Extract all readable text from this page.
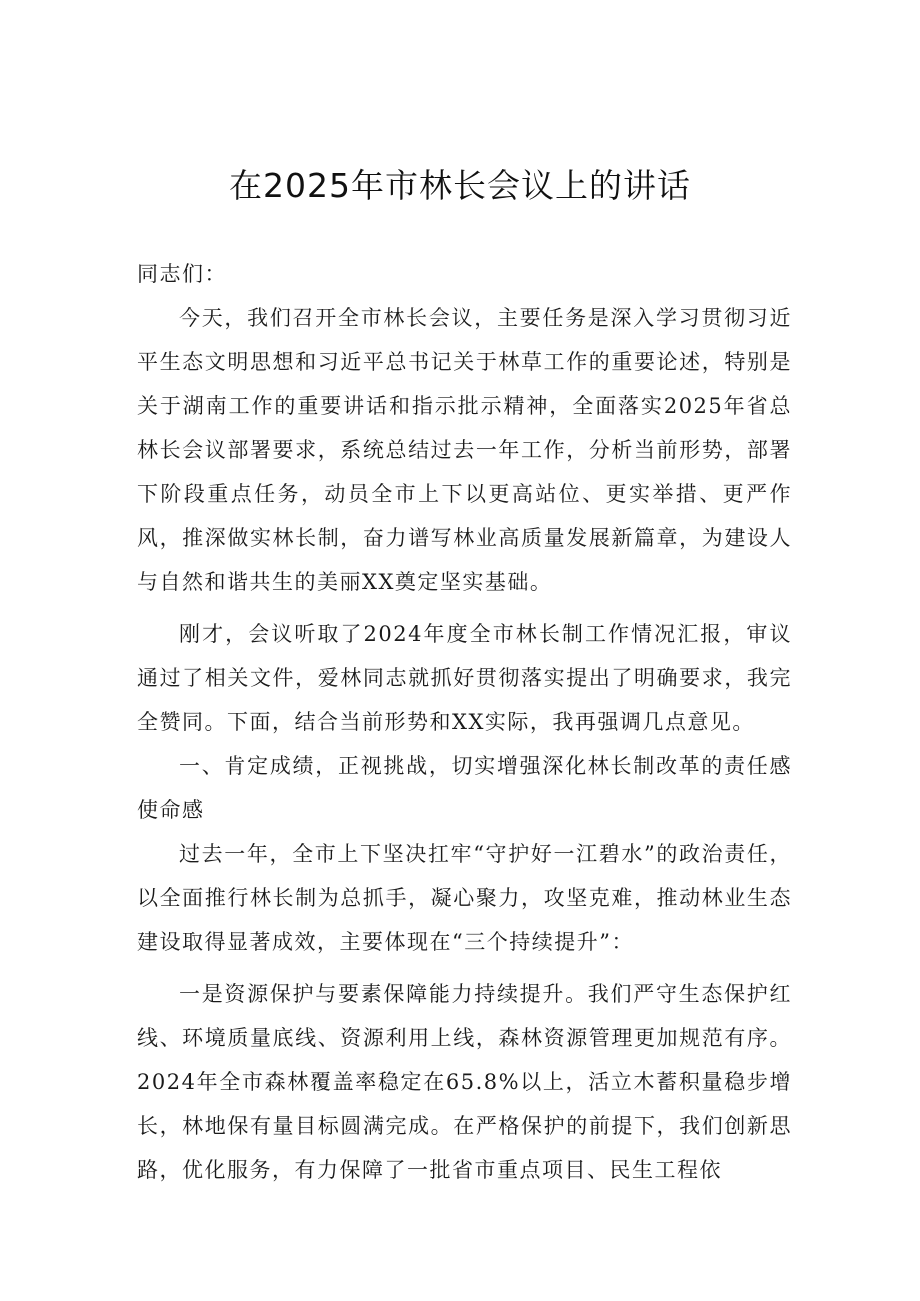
在2025年市林长会议上的讲话

同志们：

今天，我们召开全市林长会议，主要任务是深入学习贯彻习近平生态文明思想和习近平总书记关于林草工作的重要论述，特别是关于湖南工作的重要讲话和指示批示精神，全面落实2025年省总林长会议部署要求，系统总结过去一年工作，分析当前形势，部署下阶段重点任务，动员全市上下以更高站位、更实举措、更严作风，推深做实林长制，奋力谱写林业高质量发展新篇章，为建设人与自然和谐共生的美丽XX奠定坚实基础。

刚才，会议听取了2024年度全市林长制工作情况汇报，审议通过了相关文件，爱林同志就抓好贯彻落实提出了明确要求，我完全赞同。下面，结合当前形势和XX实际，我再强调几点意见。

一、肯定成绩，正视挑战，切实增强深化林长制改革的责任感使命感

过去一年，全市上下坚决扛牢“守护好一江碧水”的政治责任，以全面推行林长制为总抓手，凝心聚力，攻坚克难，推动林业生态建设取得显著成效，主要体现在“三个持续提升”：

一是资源保护与要素保障能力持续提升。我们严守生态保护红线、环境质量底线、资源利用上线，森林资源管理更加规范有序。2024年全市森林覆盖率稳定在65.8%以上，活立木蓄积量稳步增长，林地保有量目标圆满完成。在严格保护的前提下，我们创新思路，优化服务，有力保障了一批省市重点项目、民生工程依
